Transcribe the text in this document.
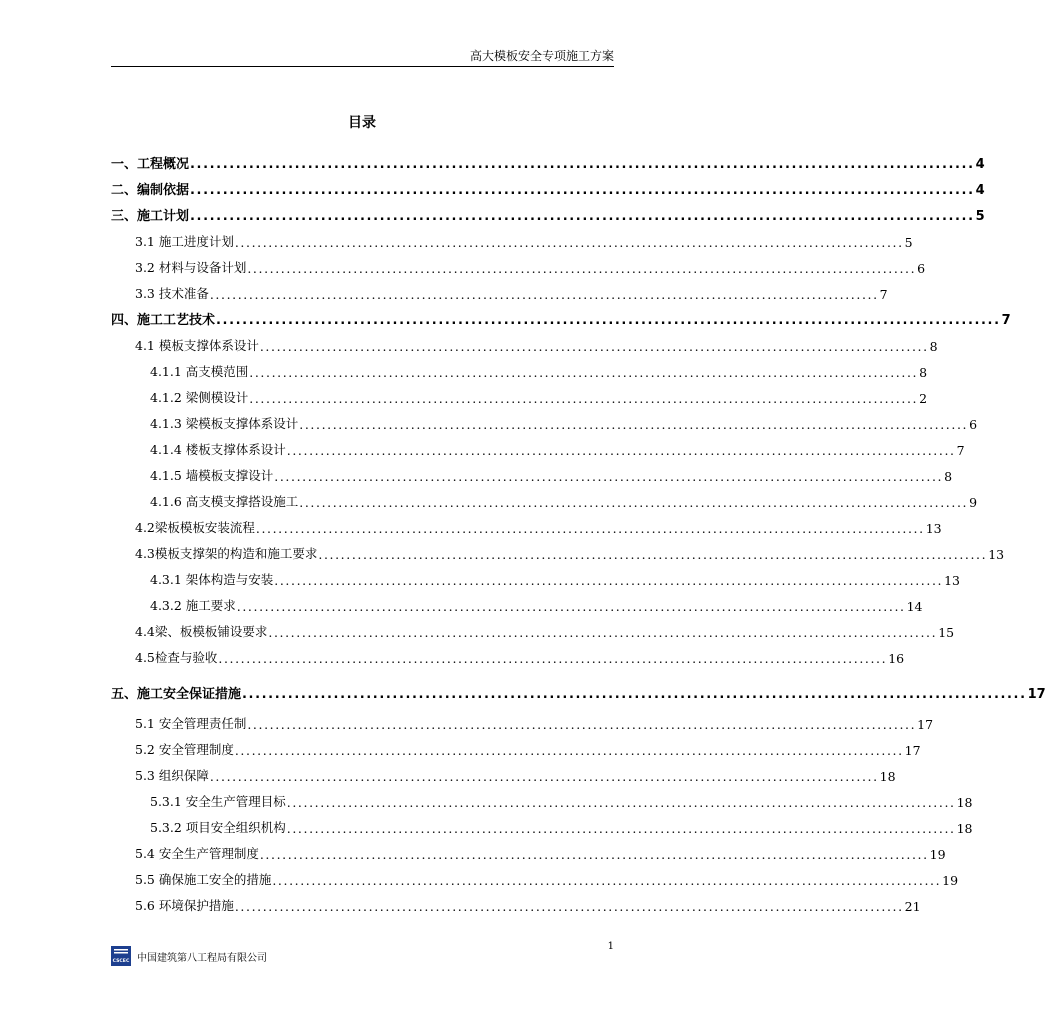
高大模板安全专项施工方案
目录
一、工程概况 ........................................................................................................................ 4
二、编制依据 ........................................................................................................................ 4
三、施工计划 ........................................................................................................................ 5
3.1 施工进度计划 ........................................................................................................................ 5
3.2 材料与设备计划 ........................................................................................................................ 6
3.3 技术准备 ........................................................................................................................ 7
四、施工工艺技术 ........................................................................................................................ 7
4.1 模板支撑体系设计 ........................................................................................................................ 8
4.1.1 高支模范围 ........................................................................................................................ 8
4.1.2 梁侧模设计 ........................................................................................................................ 2
4.1.3 梁模板支撑体系设计 ........................................................................................................................ 6
4.1.4 楼板支撑体系设计 ........................................................................................................................ 7
4.1.5 墙模板支撑设计 ........................................................................................................................ 8
4.1.6 高支模支撑搭设施工 ........................................................................................................................ 9
4.2梁板模板安装流程 ........................................................................................................................ 13
4.3模板支撑架的构造和施工要求 ........................................................................................................................ 13
4.3.1 架体构造与安装 ........................................................................................................................ 13
4.3.2 施工要求 ........................................................................................................................ 14
4.4梁、板模板铺设要求 ........................................................................................................................ 15
4.5检查与验收 ........................................................................................................................ 16
五、施工安全保证措施 ........................................................................................................................ 17
5.1 安全管理责任制 ........................................................................................................................ 17
5.2 安全管理制度 ........................................................................................................................ 17
5.3 组织保障 ........................................................................................................................ 18
5.3.1 安全生产管理目标 ........................................................................................................................ 18
5.3.2 项目安全组织机构 ........................................................................................................................ 18
5.4 安全生产管理制度 ........................................................................................................................ 19
5.5 确保施工安全的措施 ........................................................................................................................ 19
5.6 环境保护措施 ........................................................................................................................ 21
1
CSCEC 中国建筑第八工程局有限公司
